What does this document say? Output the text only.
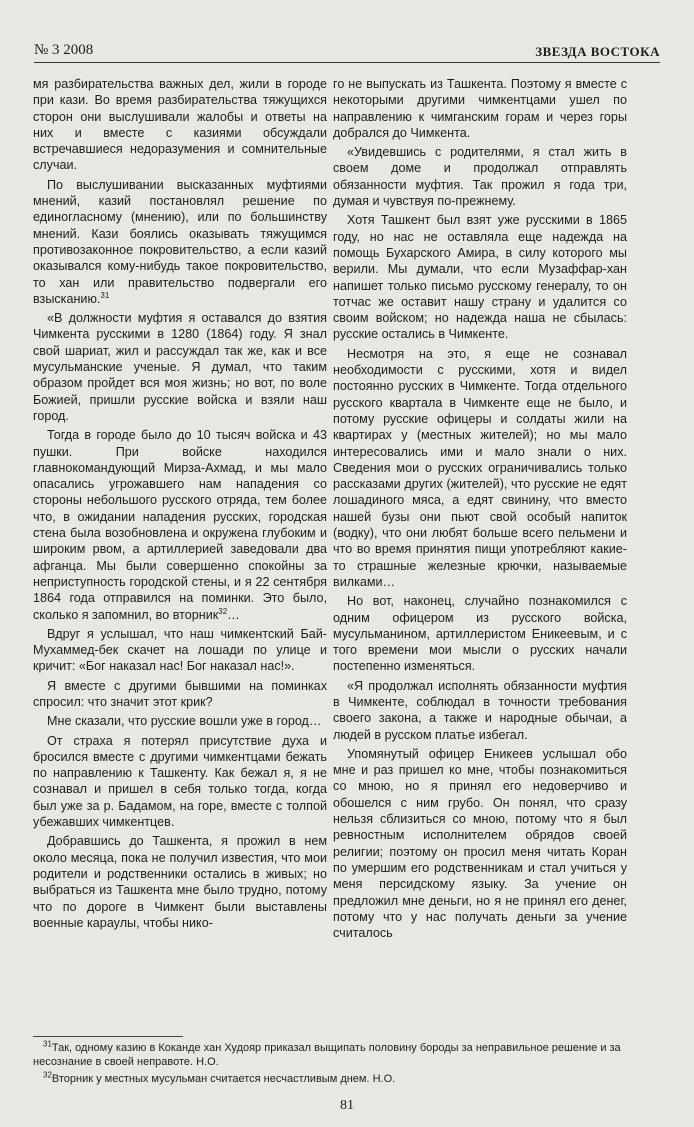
№ 3 2008	ЗВЕЗДА ВОСТОКА

мя разбирательства важных дел, жили в городе при кази. Во время разбирательства тяжущихся сторон они выслушивали жалобы и ответы на них и вместе с казиями обсуждали встречавшиеся недоразумения и сомнительные случаи.

По выслушивании высказанных муфтиями мнений, казий постановлял решение по единогласному (мнению), или по большинству мнений. Кази боялись оказывать тяжущимся противозаконное покровительство, а если казий оказывался кому-нибудь такое покровительство, то хан или правительство подвергали его взысканию.$^{31}$

«В должности муфтия я оставался до взятия Чимкента русскими в 1280 (1864) году. Я знал свой шариат, жил и рассуждал так же, как и все мусульманские ученые. Я думал, что таким образом пройдет вся моя жизнь; но вот, по воле Божией, пришли русские войска и взяли наш город.

Тогда в городе было до 10 тысяч войска и 43 пушки. При войске находился главнокомандующий Мирза-Ахмад, и мы мало опасались угрожавшего нам нападения со стороны небольшого русского отряда, тем более что, в ожидании нападения русских, городская стена была возобновлена и окружена глубоким и широким рвом, а артиллерией заведовали два афганца. Мы были совершенно спокойны за неприступность городской стены, и я 22 сентября 1864 года отправился на поминки. Это было, сколько я запомнил, во вторник$^{32}$…

Вдруг я услышал, что наш чимкентский Бай-Мухаммед-бек скачет на лошади по улице и кричит: «Бог наказал нас! Бог наказал нас!».

Я вместе с другими бывшими на поминках спросил: что значит этот крик?

Мне сказали, что русские вошли уже в город…

От страха я потерял присутствие духа и бросился вместе с другими чимкентцами бежать по направлению к Ташкенту. Как бежал я, я не сознавал и пришел в себя только тогда, когда был уже за р. Бадамом, на горе, вместе с толпой убежавших чимкентцев.

Добравшись до Ташкента, я прожил в нем около месяца, пока не получил известия, что мои родители и родственники остались в живых; но выбраться из Ташкента мне было трудно, потому что по дороге в Чимкент были выставлены военные караулы, чтобы нико-

го не выпускать из Ташкента. Поэтому я вместе с некоторыми другими чимкентцами ушел по направлению к чимганским горам и через горы добрался до Чимкента.

«Увидевшись с родителями, я стал жить в своем доме и продолжал отправлять обязанности муфтия. Так прожил я года три, думая и чувствуя по-прежнему.

Хотя Ташкент был взят уже русскими в 1865 году, но нас не оставляла еще надежда на помощь Бухарского Амира, в силу которого мы верили. Мы думали, что если Музаффар-хан напишет только письмо русскому генералу, то он тотчас же оставит нашу страну и удалится со своим войском; но надежда наша не сбылась: русские остались в Чимкенте.

Несмотря на это, я еще не сознавал необходимости с русскими, хотя и видел постоянно русских в Чимкенте. Тогда отдельного русского квартала в Чимкенте еще не было, и потому русские офицеры и солдаты жили на квартирах у (местных жителей); но мы мало интересовались ими и мало знали о них. Сведения мои о русских ограничивались только рассказами других (жителей), что русские не едят лошадиного мяса, а едят свинину, что вместо нашей бузы они пьют свой особый напиток (водку), что они любят больше всего пельмени и что во время принятия пищи употребляют какие-то страшные железные крючки, называемые вилками…

Но вот, наконец, случайно познакомился с одним офицером из русского войска, мусульманином, артиллеристом Еникеевым, и с того времени мои мысли о русских начали постепенно изменяться.

«Я продолжал исполнять обязанности муфтия в Чимкенте, соблюдал в точности требования своего закона, а также и народные обычаи, а людей в русском платье избегал.

Упомянутый офицер Еникеев услышал обо мне и раз пришел ко мне, чтобы познакомиться со мною, но я принял его недоверчиво и обошелся с ним грубо. Он понял, что сразу нельзя сблизиться со мною, потому что я был ревностным исполнителем обрядов своей религии; поэтому он просил меня читать Коран по умершим его родственникам и стал учиться у меня персидскому языку. За учение он предложил мне деньги, но я не принял его денег, потому что у нас получать деньги за учение считалось

$^{31}$Так, одному казию в Коканде хан Худояр приказал выщипать половину бороды за неправильное решение и за несознание в своей неправоте. Н.О.

$^{32}$Вторник у местных мусульман считается несчастливым днем. Н.О.

81
